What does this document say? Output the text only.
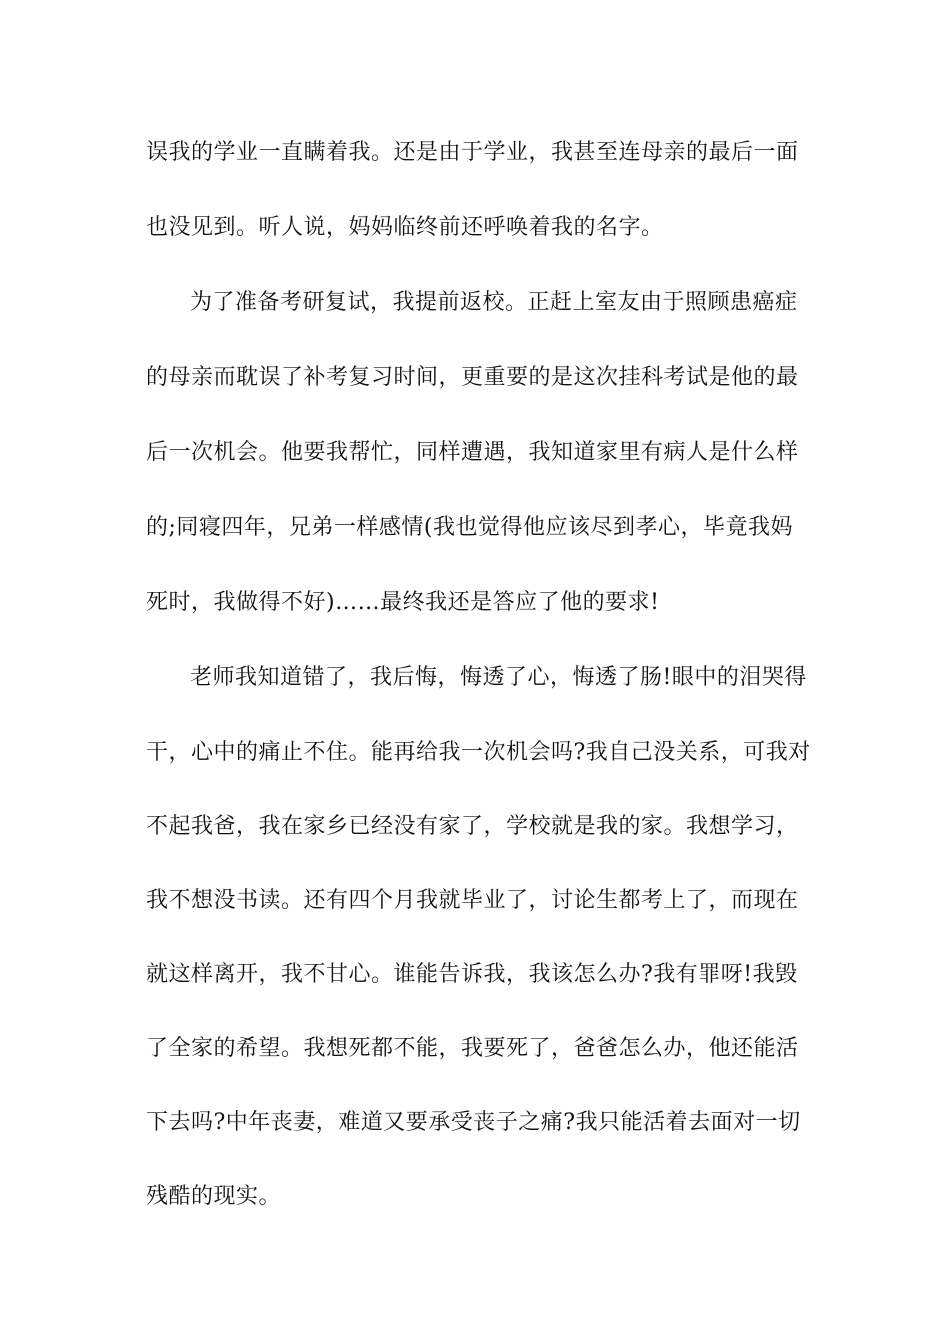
误我的学业一直瞒着我。还是由于学业，我甚至连母亲的最后一面
也没见到。听人说，妈妈临终前还呼唤着我的名字。
为了准备考研复试，我提前返校。正赶上室友由于照顾患癌症
的母亲而耽误了补考复习时间，更重要的是这次挂科考试是他的最
后一次机会。他要我帮忙，同样遭遇，我知道家里有病人是什么样
的;同寝四年，兄弟一样感情(我也觉得他应该尽到孝心，毕竟我妈
死时，我做得不好)……最终我还是答应了他的要求!
老师我知道错了，我后悔，悔透了心，悔透了肠!眼中的泪哭得
干，心中的痛止不住。能再给我一次机会吗?我自己没关系，可我对
不起我爸，我在家乡已经没有家了，学校就是我的家。我想学习，
我不想没书读。还有四个月我就毕业了，讨论生都考上了，而现在
就这样离开，我不甘心。谁能告诉我，我该怎么办?我有罪呀!我毁
了全家的希望。我想死都不能，我要死了，爸爸怎么办，他还能活
下去吗?中年丧妻，难道又要承受丧子之痛?我只能活着去面对一切
残酷的现实。
